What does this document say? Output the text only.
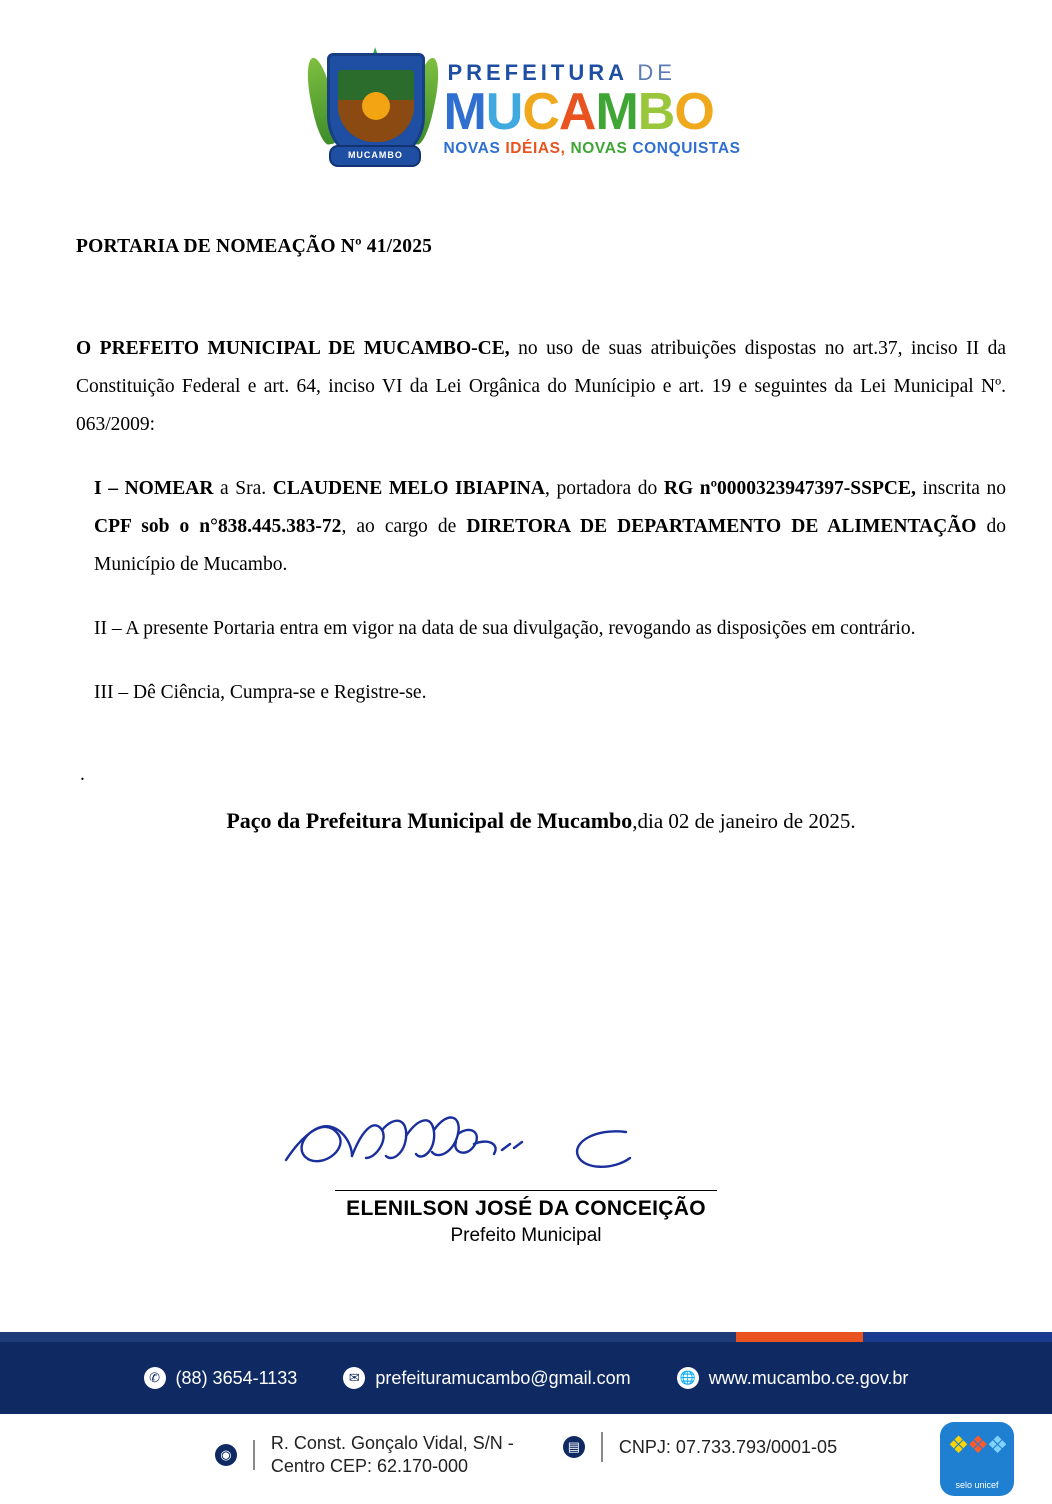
MUCAMBO
PREFEITURA DE
MUCAMBO
NOVAS IDÉIAS, NOVAS CONQUISTAS
PORTARIA DE NOMEAÇÃO Nº 41/2025

O PREFEITO MUNICIPAL DE MUCAMBO-CE, no uso de suas atribuições dispostas no art.37, inciso II da Constituição Federal e art. 64, inciso VI da Lei Orgânica do Munícipio e art. 19 e seguintes da Lei Municipal Nº. 063/2009:

I – NOMEAR a Sra. CLAUDENE MELO IBIAPINA, portadora do RG nº0000323947397-SSPCE, inscrita no CPF sob o n°838.445.383-72, ao cargo de DIRETORA DE DEPARTAMENTO DE ALIMENTAÇÃO do Município de Mucambo.

II – A presente Portaria entra em vigor na data de sua divulgação, revogando as disposições em contrário.

III – Dê Ciência, Cumpra-se e Registre-se.

.

Paço da Prefeitura Municipal de Mucambo,dia 02 de janeiro de 2025.

ELENILSON JOSÉ DA CONCEIÇÃO
Prefeito Municipal
✆ (88) 3654-1133	✉ prefeituramucambo@gmail.com	🌐 www.mucambo.ce.gov.br
◉
R. Const. Gonçalo Vidal, S/N - Centro CEP: 62.170-000
▤ CNPJ: 07.733.793/0001-05	❖❖❖
selo unicef
